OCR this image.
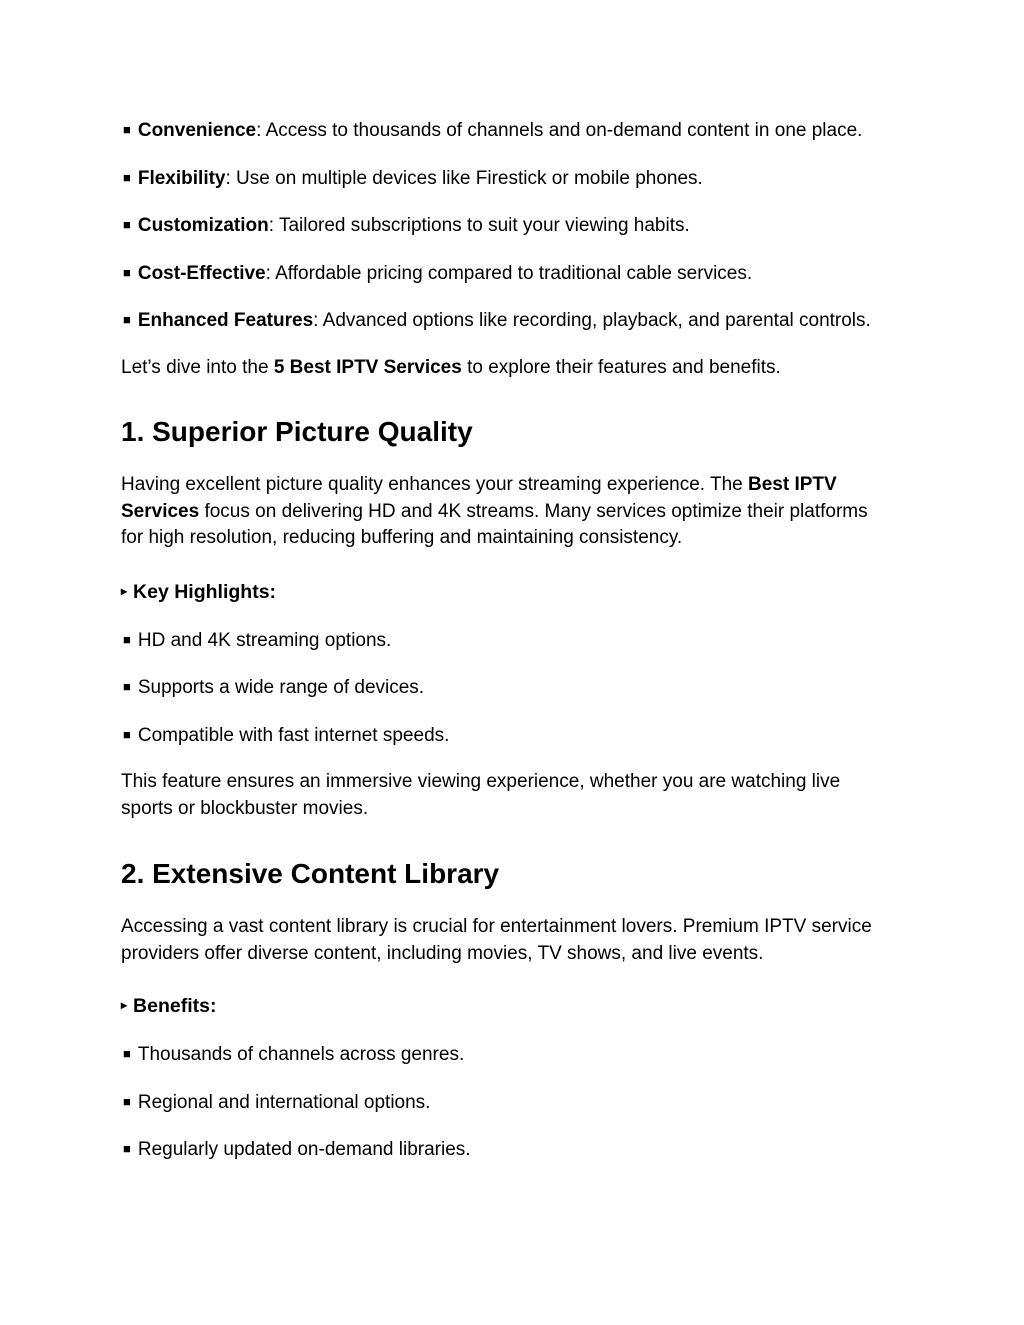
■ Convenience: Access to thousands of channels and on-demand content in one place.

■ Flexibility: Use on multiple devices like Firestick or mobile phones.

■ Customization: Tailored subscriptions to suit your viewing habits.

■ Cost-Effective: Affordable pricing compared to traditional cable services.

■ Enhanced Features: Advanced options like recording, playback, and parental controls.

Let’s dive into the 5 Best IPTV Services to explore their features and benefits.

1. Superior Picture Quality

Having excellent picture quality enhances your streaming experience. The Best IPTV Services focus on delivering HD and 4K streams. Many services optimize their platforms for high resolution, reducing buffering and maintaining consistency.

▸ Key Highlights:

■ HD and 4K streaming options.

■ Supports a wide range of devices.

■ Compatible with fast internet speeds.

This feature ensures an immersive viewing experience, whether you are watching live sports or blockbuster movies.

2. Extensive Content Library

Accessing a vast content library is crucial for entertainment lovers. Premium IPTV service providers offer diverse content, including movies, TV shows, and live events.

▸ Benefits:

■ Thousands of channels across genres.

■ Regional and international options.

■ Regularly updated on-demand libraries.
